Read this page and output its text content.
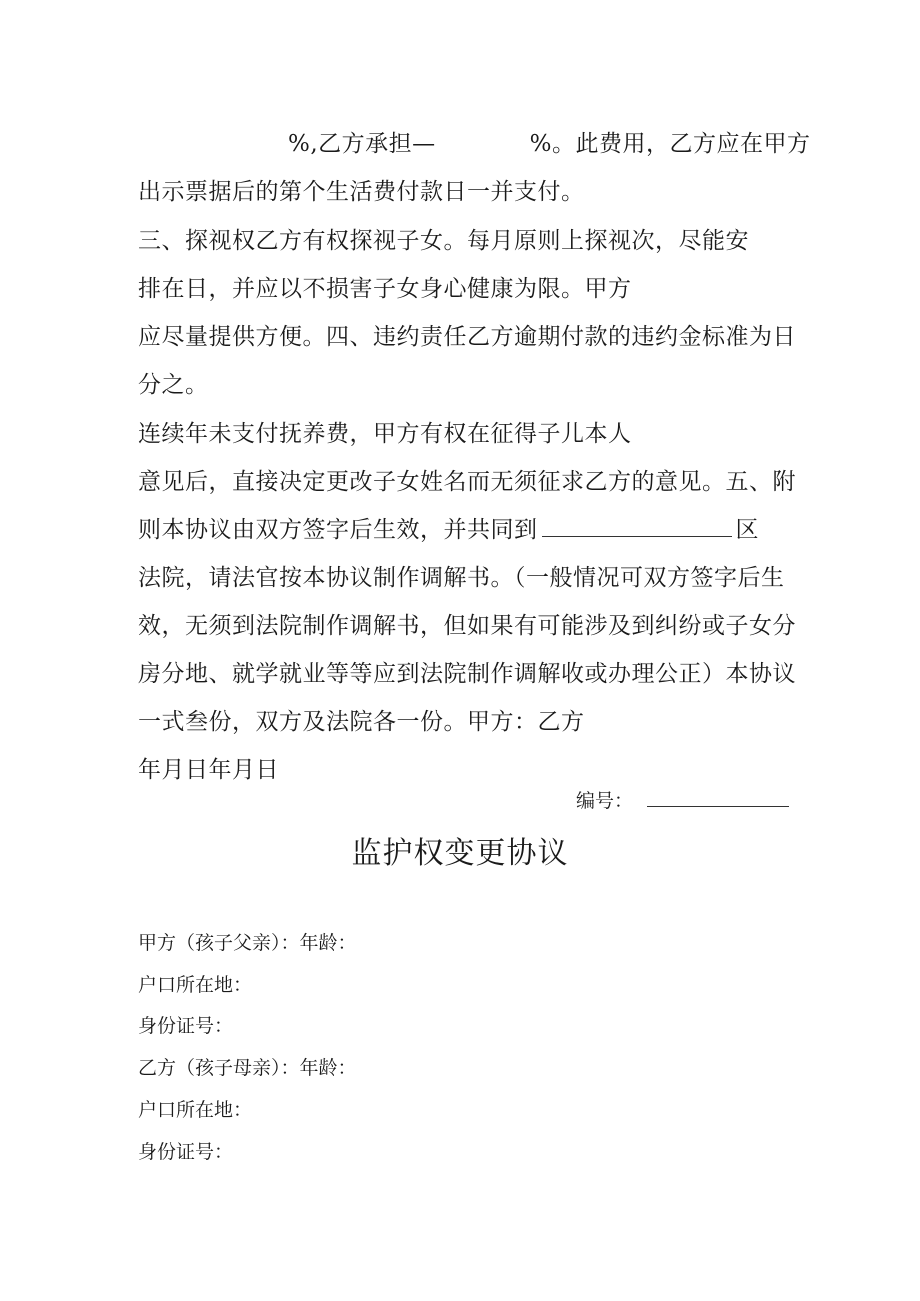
%,乙方承担—　　　　%。此费用，乙方应在甲方
出示票据后的第个生活费付款日一并支付。
三、探视权乙方有权探视子女。每月原则上探视次，尽能安
排在日，并应以不损害子女身心健康为限。甲方
应尽量提供方便。四、违约责任乙方逾期付款的违约金标准为日
分之。
连续年未支付抚养费，甲方有权在征得子儿本人
意见后，直接决定更改子女姓名而无须征求乙方的意见。五、附
则本协议由双方签字后生效，并共同到	区
法院，请法官按本协议制作调解书。（一般情况可双方签字后生
效，无须到法院制作调解书，但如果有可能涉及到纠纷或子女分
房分地、就学就业等等应到法院制作调解收或办理公正）本协议
一式叁份，双方及法院各一份。甲方：乙方
年月日年月日
编号：
监护权变更协议
甲方（孩子父亲）：年龄：
户口所在地：
身份证号：
乙方（孩子母亲）：年龄：
户口所在地：
身份证号：
